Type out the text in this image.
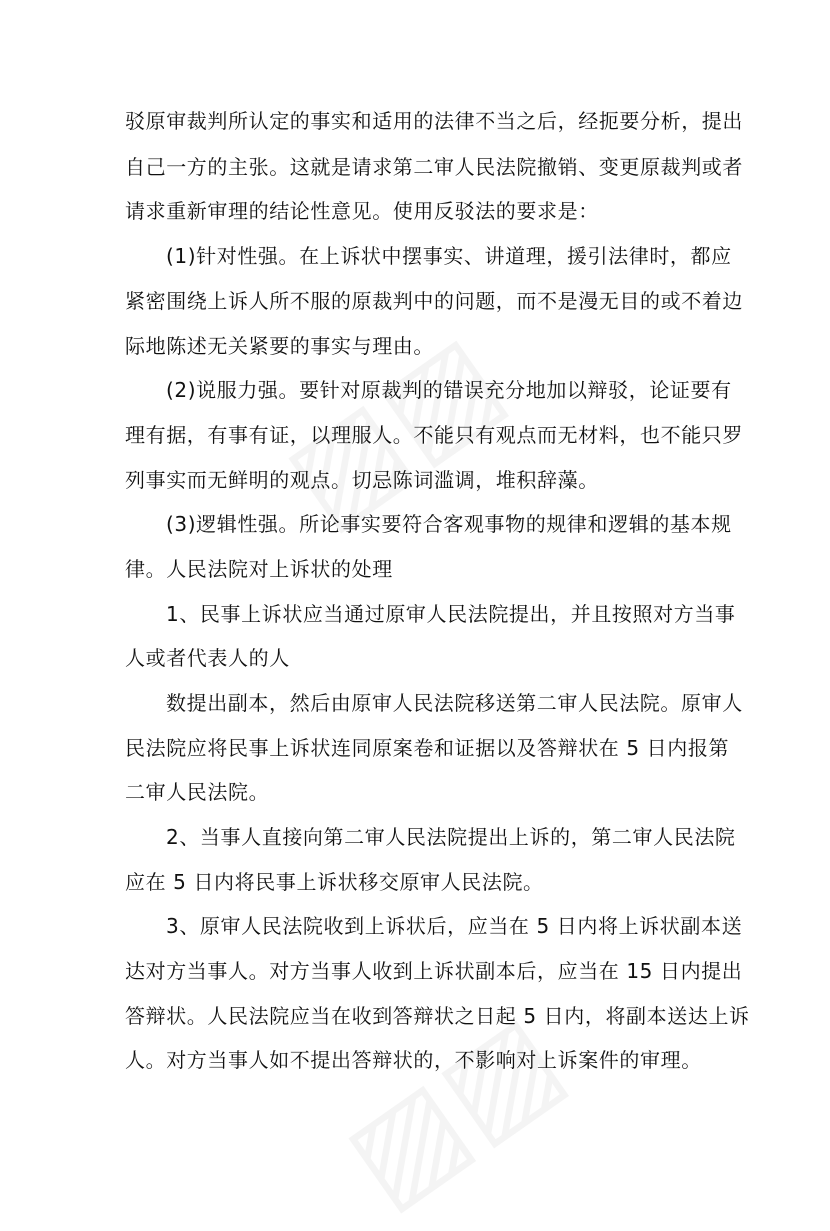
驳原审裁判所认定的事实和适用的法律不当之后，经扼要分析，提出
自己一方的主张。这就是请求第二审人民法院撤销、变更原裁判或者
请求重新审理的结论性意见。使用反驳法的要求是：
(1)针对性强。在上诉状中摆事实、讲道理，援引法律时，都应
紧密围绕上诉人所不服的原裁判中的问题，而不是漫无目的或不着边
际地陈述无关紧要的事实与理由。
(2)说服力强。要针对原裁判的错误充分地加以辩驳，论证要有
理有据，有事有证，以理服人。不能只有观点而无材料，也不能只罗
列事实而无鲜明的观点。切忌陈词滥调，堆积辞藻。
(3)逻辑性强。所论事实要符合客观事物的规律和逻辑的基本规
律。人民法院对上诉状的处理
1、民事上诉状应当通过原审人民法院提出，并且按照对方当事
人或者代表人的人
数提出副本，然后由原审人民法院移送第二审人民法院。原审人
民法院应将民事上诉状连同原案卷和证据以及答辩状在 5 日内报第
二审人民法院。
2、当事人直接向第二审人民法院提出上诉的，第二审人民法院
应在 5 日内将民事上诉状移交原审人民法院。
3、原审人民法院收到上诉状后，应当在 5 日内将上诉状副本送
达对方当事人。对方当事人收到上诉状副本后，应当在 15 日内提出
答辩状。人民法院应当在收到答辩状之日起 5 日内，将副本送达上诉
人。对方当事人如不提出答辩状的，不影响对上诉案件的审理。
